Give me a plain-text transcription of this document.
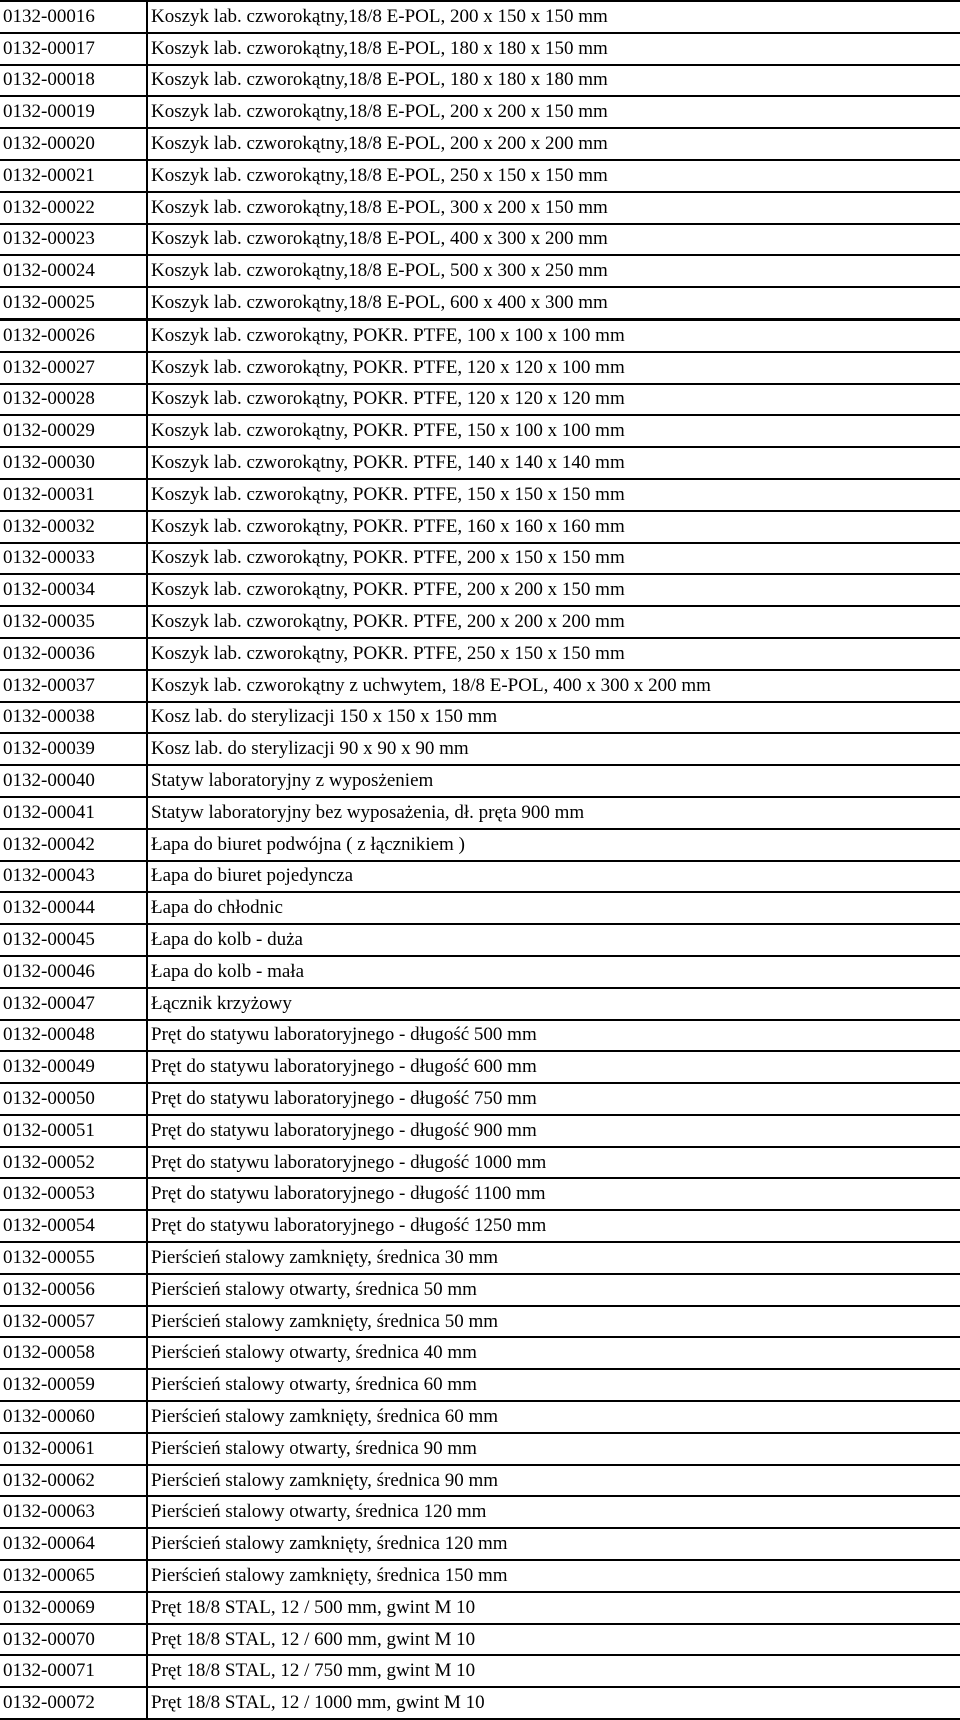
0132-00016	Koszyk lab. czworokątny,18/8 E-POL, 200 x 150 x 150 mm
0132-00017	Koszyk lab. czworokątny,18/8 E-POL, 180 x 180 x 150 mm
0132-00018	Koszyk lab. czworokątny,18/8 E-POL, 180 x 180 x 180 mm
0132-00019	Koszyk lab. czworokątny,18/8 E-POL, 200 x 200 x 150 mm
0132-00020	Koszyk lab. czworokątny,18/8 E-POL, 200 x 200 x 200 mm
0132-00021	Koszyk lab. czworokątny,18/8 E-POL, 250 x 150 x 150 mm
0132-00022	Koszyk lab. czworokątny,18/8 E-POL, 300 x 200 x 150 mm
0132-00023	Koszyk lab. czworokątny,18/8 E-POL, 400 x 300 x 200 mm
0132-00024	Koszyk lab. czworokątny,18/8 E-POL, 500 x 300 x 250 mm
0132-00025	Koszyk lab. czworokątny,18/8 E-POL, 600 x 400 x 300 mm
0132-00026	Koszyk lab. czworokątny, POKR. PTFE, 100 x 100 x 100 mm
0132-00027	Koszyk lab. czworokątny, POKR. PTFE, 120 x 120 x 100 mm
0132-00028	Koszyk lab. czworokątny, POKR. PTFE, 120 x 120 x 120 mm
0132-00029	Koszyk lab. czworokątny, POKR. PTFE, 150 x 100 x 100 mm
0132-00030	Koszyk lab. czworokątny, POKR. PTFE, 140 x 140 x 140 mm
0132-00031	Koszyk lab. czworokątny, POKR. PTFE, 150 x 150 x 150 mm
0132-00032	Koszyk lab. czworokątny, POKR. PTFE, 160 x 160 x 160 mm
0132-00033	Koszyk lab. czworokątny, POKR. PTFE, 200 x 150 x 150 mm
0132-00034	Koszyk lab. czworokątny, POKR. PTFE, 200 x 200 x 150 mm
0132-00035	Koszyk lab. czworokątny, POKR. PTFE, 200 x 200 x 200 mm
0132-00036	Koszyk lab. czworokątny, POKR. PTFE, 250 x 150 x 150 mm
0132-00037	Koszyk lab. czworokątny z uchwytem, 18/8 E-POL, 400 x 300 x 200 mm
0132-00038	Kosz lab. do sterylizacji 150 x 150 x 150 mm
0132-00039	Kosz lab. do sterylizacji 90 x 90 x 90 mm
0132-00040	Statyw laboratoryjny z wyposżeniem
0132-00041	Statyw laboratoryjny bez wyposażenia, dł. pręta 900 mm
0132-00042	Łapa do biuret podwójna ( z łącznikiem )
0132-00043	Łapa do biuret pojedyncza
0132-00044	Łapa do chłodnic
0132-00045	Łapa do kolb - duża
0132-00046	Łapa do kolb - mała
0132-00047	Łącznik krzyżowy
0132-00048	Pręt do statywu laboratoryjnego - długość 500 mm
0132-00049	Pręt do statywu laboratoryjnego - długość 600 mm
0132-00050	Pręt do statywu laboratoryjnego - długość 750 mm
0132-00051	Pręt do statywu laboratoryjnego - długość 900 mm
0132-00052	Pręt do statywu laboratoryjnego - długość 1000 mm
0132-00053	Pręt do statywu laboratoryjnego - długość 1100 mm
0132-00054	Pręt do statywu laboratoryjnego - długość 1250 mm
0132-00055	Pierścień stalowy zamknięty, średnica 30 mm
0132-00056	Pierścień stalowy otwarty, średnica 50 mm
0132-00057	Pierścień stalowy zamknięty, średnica 50 mm
0132-00058	Pierścień stalowy otwarty, średnica 40 mm
0132-00059	Pierścień stalowy otwarty, średnica 60 mm
0132-00060	Pierścień stalowy zamknięty, średnica 60 mm
0132-00061	Pierścień stalowy otwarty, średnica 90 mm
0132-00062	Pierścień stalowy zamknięty, średnica 90 mm
0132-00063	Pierścień stalowy otwarty, średnica 120 mm
0132-00064	Pierścień stalowy zamknięty, średnica 120 mm
0132-00065	Pierścień stalowy zamknięty, średnica 150 mm
0132-00069	Pręt 18/8 STAL, 12 / 500 mm, gwint M 10
0132-00070	Pręt 18/8 STAL, 12 / 600 mm, gwint M 10
0132-00071	Pręt 18/8 STAL, 12 / 750 mm, gwint M 10
0132-00072	Pręt 18/8 STAL, 12 / 1000 mm, gwint M 10
